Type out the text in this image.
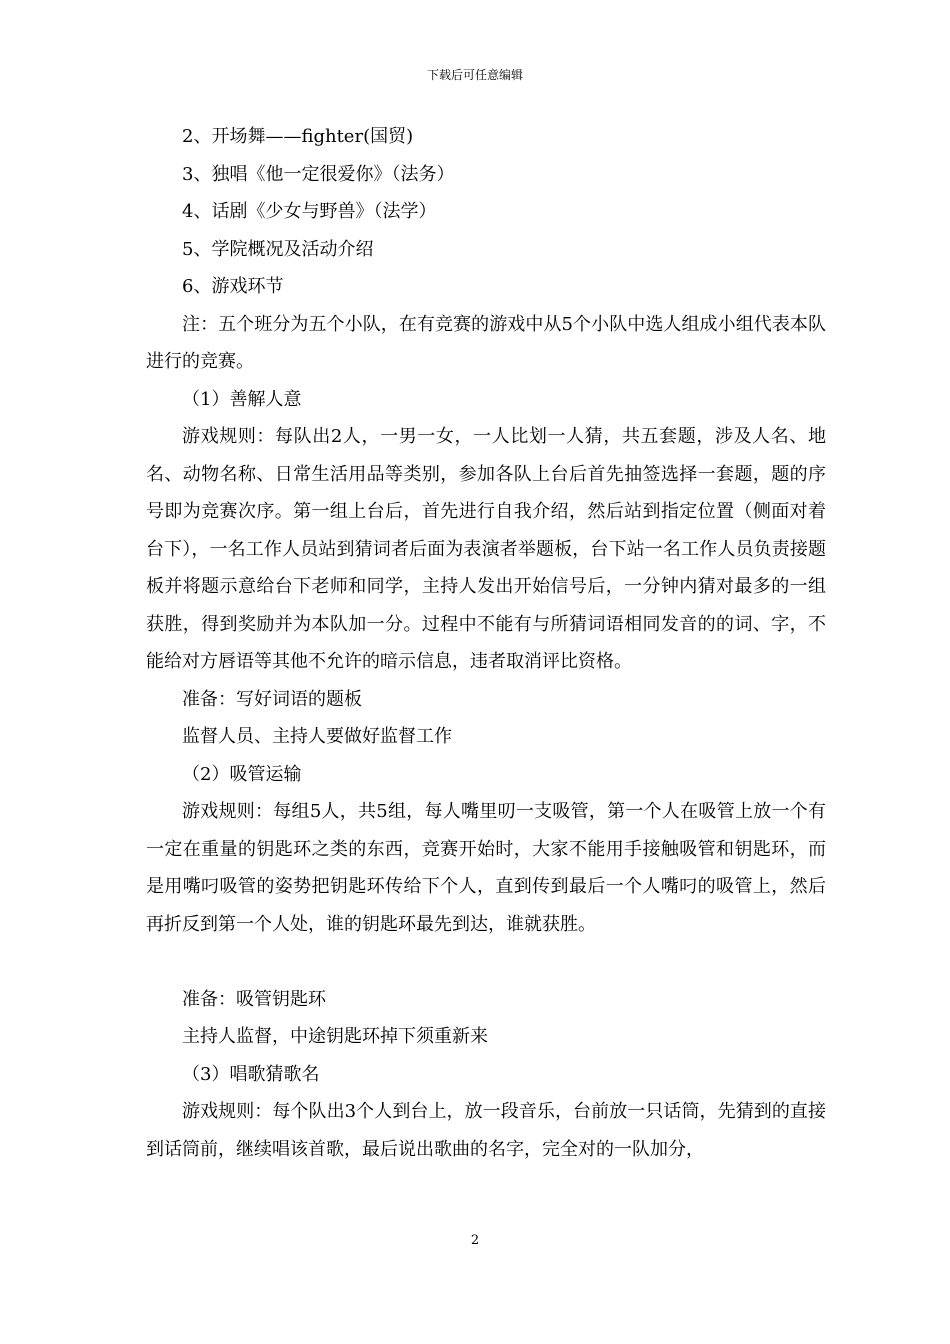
下载后可任意编辑

2、开场舞——fighter(国贸)

3、独唱《他一定很爱你》（法务）

4、话剧《少女与野兽》（法学）

5、学院概况及活动介绍

6、游戏环节

注：五个班分为五个小队，在有竞赛的游戏中从5个小队中选人组成小组代表本队进行的竞赛。

（1）善解人意

游戏规则：每队出2人，一男一女，一人比划一人猜，共五套题，涉及人名、地名、动物名称、日常生活用品等类别，参加各队上台后首先抽签选择一套题，题的序号即为竞赛次序。第一组上台后，首先进行自我介绍，然后站到指定位置（侧面对着台下），一名工作人员站到猜词者后面为表演者举题板，台下站一名工作人员负责接题板并将题示意给台下老师和同学，主持人发出开始信号后，一分钟内猜对最多的一组获胜，得到奖励并为本队加一分。过程中不能有与所猜词语相同发音的的词、字，不能给对方唇语等其他不允许的暗示信息，违者取消评比资格。

准备：写好词语的题板

监督人员、主持人要做好监督工作

（2）吸管运输

游戏规则：每组5人，共5组，每人嘴里叨一支吸管，第一个人在吸管上放一个有一定在重量的钥匙环之类的东西，竞赛开始时，大家不能用手接触吸管和钥匙环，而是用嘴叼吸管的姿势把钥匙环传给下个人，直到传到最后一个人嘴叼的吸管上，然后再折反到第一个人处，谁的钥匙环最先到达，谁就获胜。

准备：吸管钥匙环

主持人监督，中途钥匙环掉下须重新来

（3）唱歌猜歌名

游戏规则：每个队出3个人到台上，放一段音乐，台前放一只话筒，先猜到的直接到话筒前，继续唱该首歌，最后说出歌曲的名字，完全对的一队加分，

2
